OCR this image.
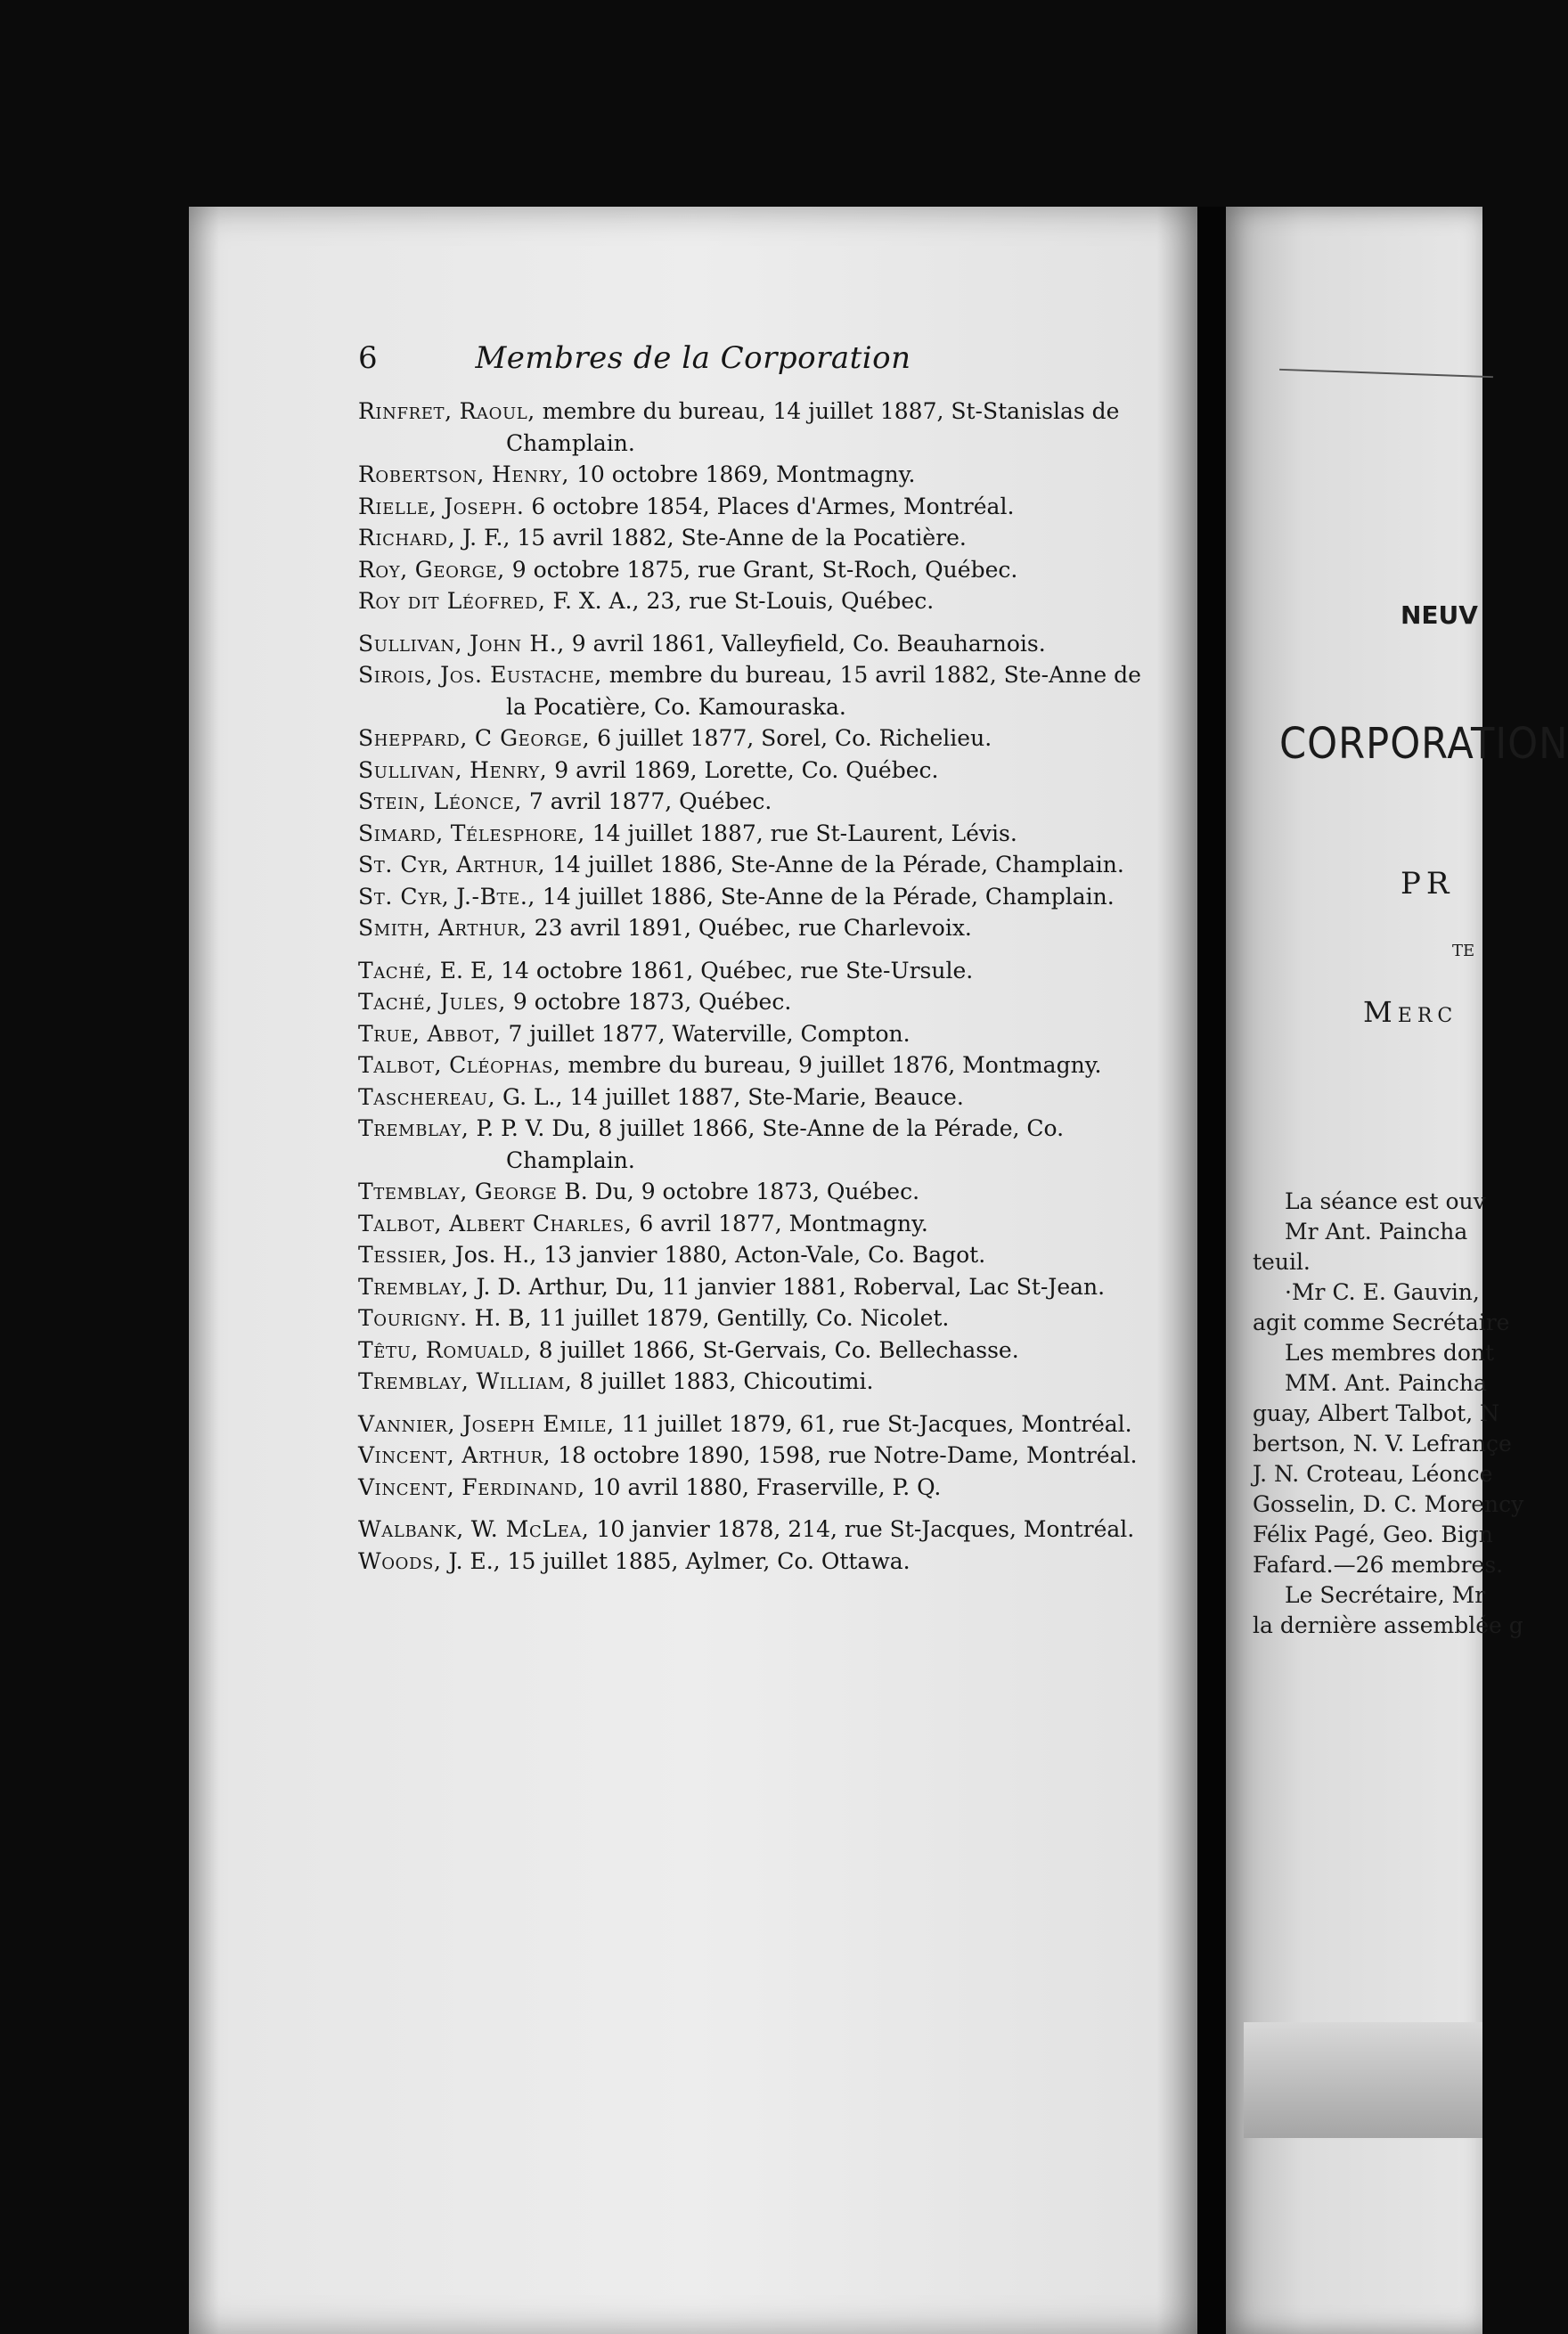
6	Membres de la Corporation
Rinfret, Raoul, membre du bureau, 14 juillet 1887, St-Stanislas de Champlain.
Robertson, Henry, 10 octobre 1869, Montmagny.
Rielle, Joseph. 6 octobre 1854, Places d'Armes, Montréal.
Richard, J. F., 15 avril 1882, Ste-Anne de la Pocatière.
Roy, George, 9 octobre 1875, rue Grant, St-Roch, Québec.
Roy dit Léofred, F. X. A., 23, rue St-Louis, Québec.
Sullivan, John H., 9 avril 1861, Valleyfield, Co. Beauharnois.
Sirois, Jos. Eustache, membre du bureau, 15 avril 1882, Ste-Anne de la Pocatière, Co. Kamouraska.
Sheppard, C George, 6 juillet 1877, Sorel, Co. Richelieu.
Sullivan, Henry, 9 avril 1869, Lorette, Co. Québec.
Stein, Léonce, 7 avril 1877, Québec.
Simard, Télesphore, 14 juillet 1887, rue St-Laurent, Lévis.
St. Cyr, Arthur, 14 juillet 1886, Ste-Anne de la Pérade, Champlain.
St. Cyr, J.-Bte., 14 juillet 1886, Ste-Anne de la Pérade, Champlain.
Smith, Arthur, 23 avril 1891, Québec, rue Charlevoix.
Taché, E. E, 14 octobre 1861, Québec, rue Ste-Ursule.
Taché, Jules, 9 octobre 1873, Québec.
True, Abbot, 7 juillet 1877, Waterville, Compton.
Talbot, Cléophas, membre du bureau, 9 juillet 1876, Montmagny.
Taschereau, G. L., 14 juillet 1887, Ste-Marie, Beauce.
Tremblay, P. P. V. Du, 8 juillet 1866, Ste-Anne de la Pérade, Co. Champlain.
Ttemblay, George B. Du, 9 octobre 1873, Québec.
Talbot, Albert Charles, 6 avril 1877, Montmagny.
Tessier, Jos. H., 13 janvier 1880, Acton-Vale, Co. Bagot.
Tremblay, J. D. Arthur, Du, 11 janvier 1881, Roberval, Lac St-Jean.
Tourigny. H. B, 11 juillet 1879, Gentilly, Co. Nicolet.
Têtu, Romuald, 8 juillet 1866, St-Gervais, Co. Bellechasse.
Tremblay, William, 8 juillet 1883, Chicoutimi.
Vannier, Joseph Emile, 11 juillet 1879, 61, rue St-Jacques, Montréal.
Vincent, Arthur, 18 octobre 1890, 1598, rue Notre-Dame, Montréal.
Vincent, Ferdinand, 10 avril 1880, Fraserville, P. Q.
Walbank, W. McLea, 10 janvier 1878, 214, rue St-Jacques, Montréal.
Woods, J. E., 15 juillet 1885, Aylmer, Co. Ottawa.
NEUV
CORPORATION
PR
TE
Merc
La séance est ouv
Mr Ant. Paincha
teuil.
·Mr C. E. Gauvin,
agit comme Secrétaire
Les membres dont
MM. Ant. Paincha
guay, Albert Talbot, N
bertson, N. V. Lefrançe
J. N. Croteau, Léonce
Gosselin, D. C. Morency
Félix Pagé, Geo. Bign
Fafard.—26 membres.
Le Secrétaire, Mr
la dernière assemblée g
